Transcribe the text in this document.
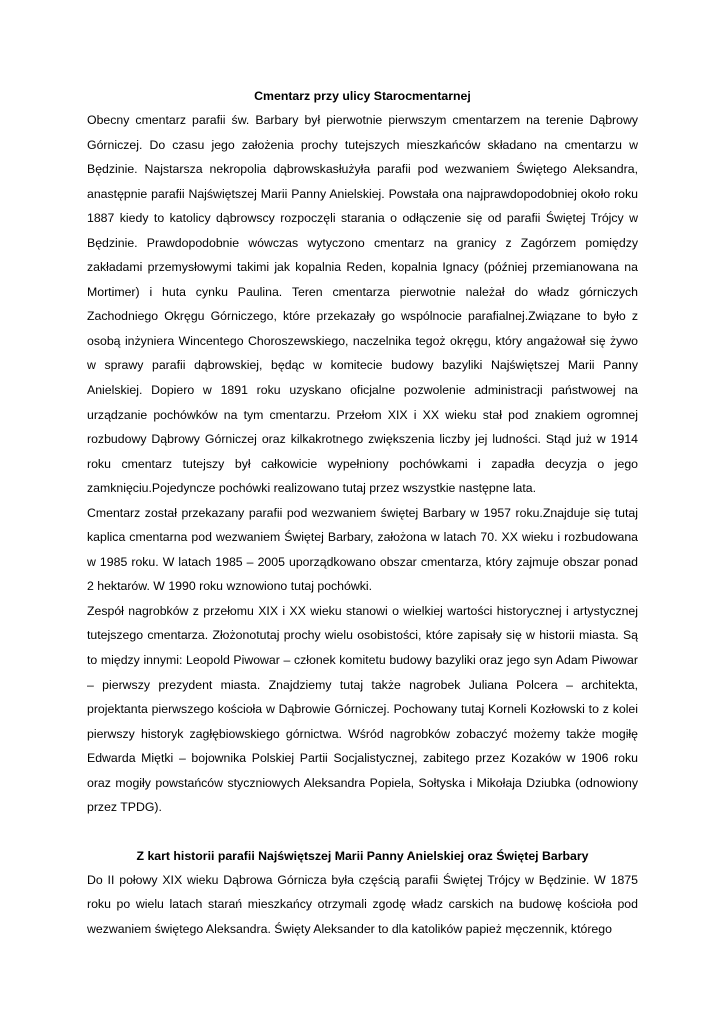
Cmentarz przy ulicy Starocmentarnej

Obecny cmentarz parafii św. Barbary był pierwotnie pierwszym cmentarzem na terenie Dąbrowy Górniczej. Do czasu jego założenia prochy tutejszych mieszkańców składano na cmentarzu w Będzinie. Najstarsza nekropolia dąbrowskasłużyła parafii pod wezwaniem Świętego Aleksandra, anastępnie parafii Najświętszej Marii Panny Anielskiej. Powstała ona najprawdopodobniej około roku 1887 kiedy to katolicy dąbrowscy rozpoczęli starania o odłączenie się od parafii Świętej Trójcy w Będzinie. Prawdopodobnie wówczas wytyczono cmentarz na granicy z Zagórzem pomiędzy zakładami przemysłowymi takimi jak kopalnia Reden, kopalnia Ignacy (później przemianowana na Mortimer) i huta cynku Paulina. Teren cmentarza pierwotnie należał do władz górniczych Zachodniego Okręgu Górniczego, które przekazały go wspólnocie parafialnej.Związane to było z osobą inżyniera Wincentego Choroszewskiego, naczelnika tegoż okręgu, który angażował się żywo w sprawy parafii dąbrowskiej, będąc w komitecie budowy bazyliki Najświętszej Marii Panny Anielskiej. Dopiero w 1891 roku uzyskano oficjalne pozwolenie administracji państwowej na urządzanie pochówków na tym cmentarzu. Przełom XIX i XX wieku stał pod znakiem ogromnej rozbudowy Dąbrowy Górniczej oraz kilkakrotnego zwiększenia liczby jej ludności. Stąd już w 1914 roku cmentarz tutejszy był całkowicie wypełniony pochówkami i zapadła decyzja o jego zamknięciu.Pojedyncze pochówki realizowano tutaj przez wszystkie następne lata.

Cmentarz został przekazany parafii pod wezwaniem świętej Barbary w 1957 roku.Znajduje się tutaj kaplica cmentarna pod wezwaniem Świętej Barbary, założona w latach 70. XX wieku i rozbudowana w 1985 roku. W latach 1985 – 2005 uporządkowano obszar cmentarza, który zajmuje obszar ponad 2 hektarów. W 1990 roku wznowiono tutaj pochówki.

Zespół nagrobków z przełomu XIX i XX wieku stanowi o wielkiej wartości historycznej i artystycznej tutejszego cmentarza. Złożonotutaj prochy wielu osobistości, które zapisały się w historii miasta. Są to między innymi: Leopold Piwowar – członek komitetu budowy bazyliki oraz jego syn Adam Piwowar – pierwszy prezydent miasta. Znajdziemy tutaj także nagrobek Juliana Polcera – architekta, projektanta pierwszego kościoła w Dąbrowie Górniczej. Pochowany tutaj Korneli Kozłowski to z kolei pierwszy historyk zagłębiowskiego górnictwa. Wśród nagrobków zobaczyć możemy także mogiłę Edwarda Miętki – bojownika Polskiej Partii Socjalistycznej, zabitego przez Kozaków w 1906 roku oraz mogiły powstańców styczniowych Aleksandra Popiela, Sołtyska i Mikołaja Dziubka (odnowiony przez TPDG).

Z kart historii parafii Najświętszej Marii Panny Anielskiej oraz Świętej Barbary

Do II połowy XIX wieku Dąbrowa Górnicza była częścią parafii Świętej Trójcy w Będzinie. W 1875 roku po wielu latach starań mieszkańcy otrzymali zgodę władz carskich na budowę kościoła pod wezwaniem świętego Aleksandra. Święty Aleksander to dla katolików papież męczennik, którego
